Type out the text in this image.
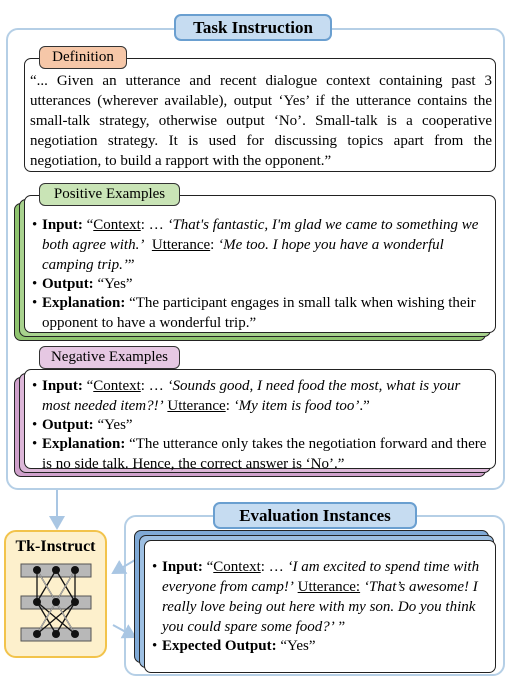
Task Instruction
Definition
“... Given an utterance and recent dialogue context containing past 3 utterances (wherever available), output ‘Yes’ if the utterance contains the small-talk strategy, otherwise output ‘No’. Small-talk is a cooperative negotiation strategy. It is used for discussing topics apart from the negotiation, to build a rapport with the opponent.”
Positive Examples
• Input: “Context: … ‘That's fantastic, I'm glad we came to something we both agree with.’ Utterance: ‘Me too. I hope you have a wonderful camping trip.’”
• Output: “Yes”
• Explanation: “The participant engages in small talk when wishing their opponent to have a wonderful trip.”
Negative Examples
• Input: “Context: … ‘Sounds good, I need food the most, what is your most needed item?!’ Utterance: ‘My item is food too’.”
• Output: “Yes”
• Explanation: “The utterance only takes the negotiation forward and there is no side talk. Hence, the correct answer is ‘No’.”
Tk-Instruct
Evaluation Instances
• Input: “Context: … ‘I am excited to spend time with everyone from camp!’ Utterance: ‘That’s awesome! I really love being out here with my son. Do you think you could spare some food?’ ”
• Expected Output: “Yes”
